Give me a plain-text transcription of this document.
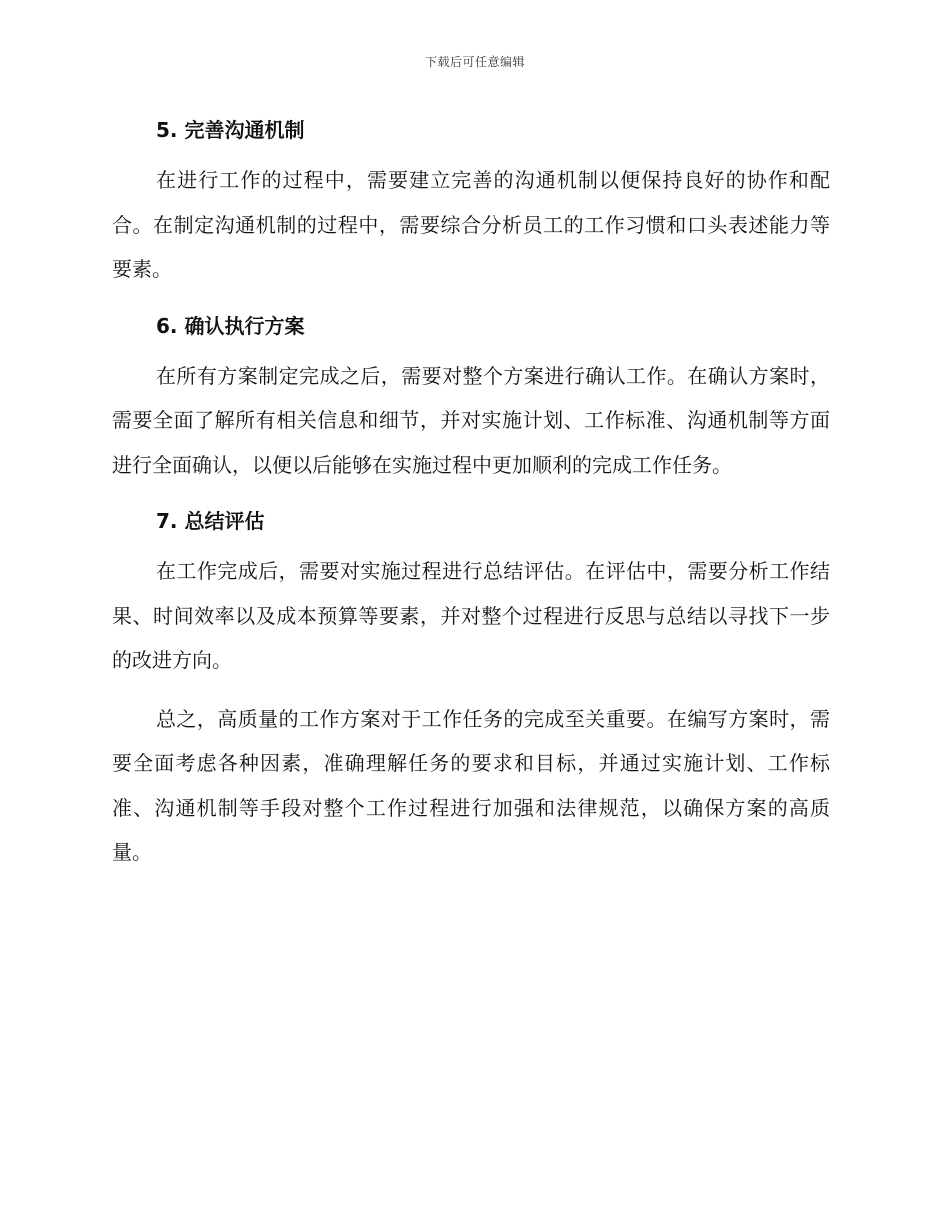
下载后可任意编辑
5. 完善沟通机制

在进行工作的过程中，需要建立完善的沟通机制以便保持良好的协作和配合。在制定沟通机制的过程中，需要综合分析员工的工作习惯和口头表述能力等要素。

6. 确认执行方案

在所有方案制定完成之后，需要对整个方案进行确认工作。在确认方案时，需要全面了解所有相关信息和细节，并对实施计划、工作标准、沟通机制等方面进行全面确认，以便以后能够在实施过程中更加顺利的完成工作任务。

7. 总结评估

在工作完成后，需要对实施过程进行总结评估。在评估中，需要分析工作结果、时间效率以及成本预算等要素，并对整个过程进行反思与总结以寻找下一步的改进方向。

总之，高质量的工作方案对于工作任务的完成至关重要。在编写方案时，需要全面考虑各种因素，准确理解任务的要求和目标，并通过实施计划、工作标准、沟通机制等手段对整个工作过程进行加强和法律规范，以确保方案的高质量。
